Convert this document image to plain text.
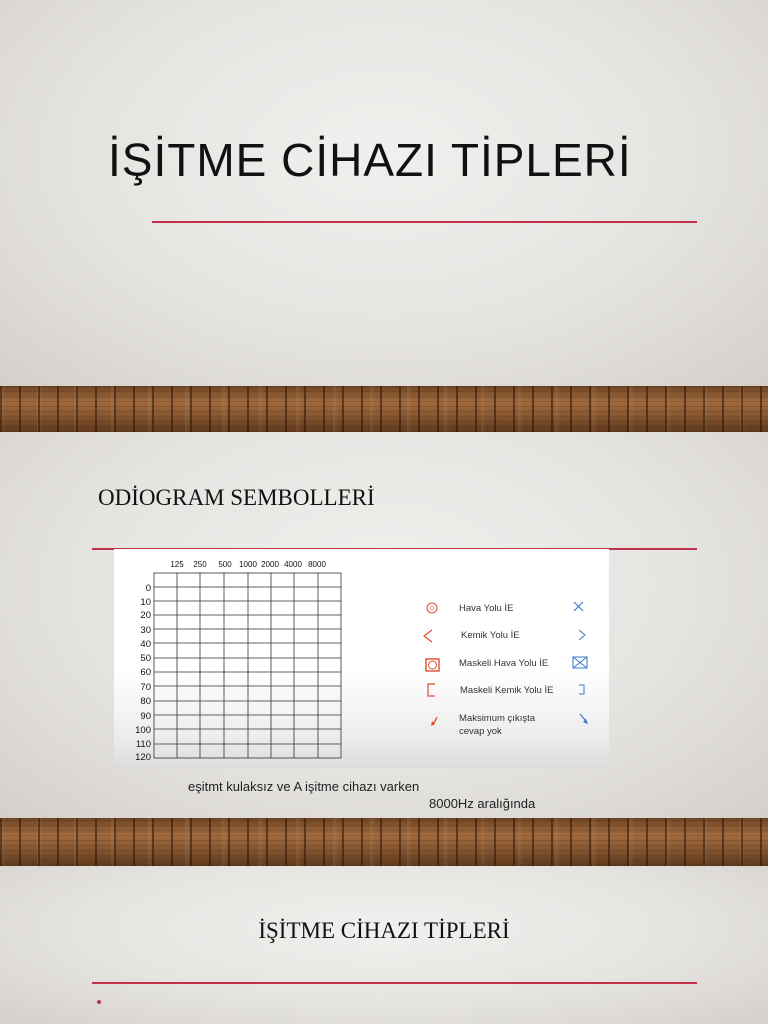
İŞİTME CİHAZI TİPLERİ
ODİOGRAM SEMBOLLERİ
125 250 500 1000 2000 4000 8000
0
10
20
30
40
50
60
70
80
90
100
110
120
Hava Yolu İE
Kemik Yolu İE
Maskeli Hava Yolu İE
Maskeli Kemik Yolu İE
Maksimum çıkışta
cevap yok
eşitmt kulaksız ve A işitme cihazı varken
8000Hz aralığında
İŞİTME CİHAZI TİPLERİ
